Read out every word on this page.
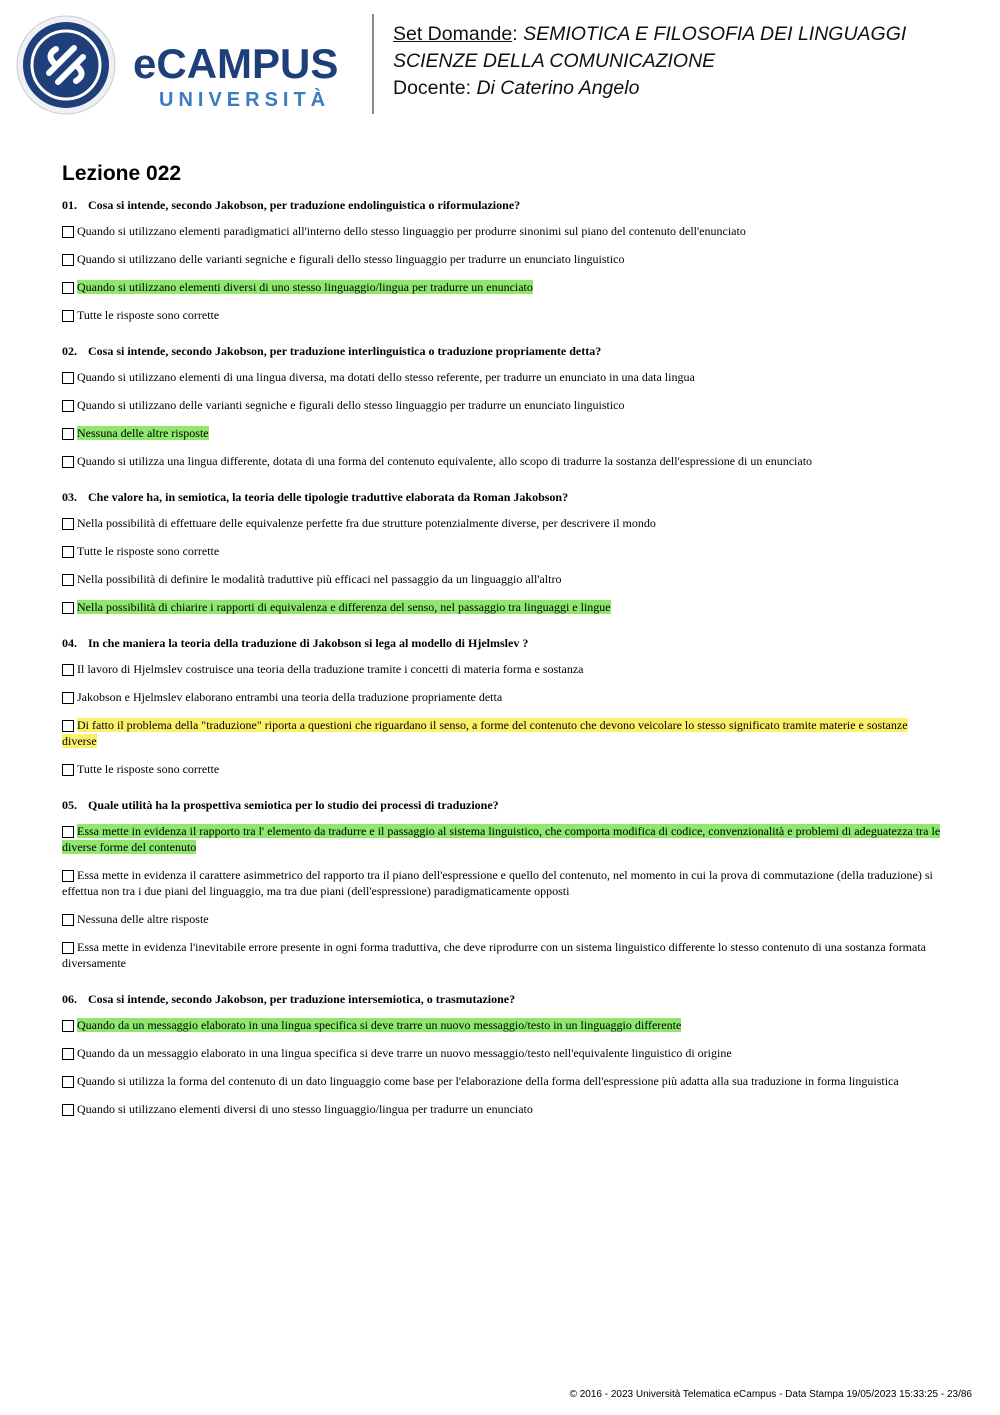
eCAMPUS
UNIVERSITÀ
Set Domande: SEMIOTICA E FILOSOFIA DEI LINGUAGGI
SCIENZE DELLA COMUNICAZIONE
Docente: Di Caterino Angelo
Lezione 022

01. Cosa si intende, secondo Jakobson, per traduzione endolinguistica o riformulazione?

Quando si utilizzano elementi paradigmatici all'interno dello stesso linguaggio per produrre sinonimi sul piano del contenuto dell'enunciato

Quando si utilizzano delle varianti segniche e figurali dello stesso linguaggio per tradurre un enunciato linguistico

Quando si utilizzano elementi diversi di uno stesso linguaggio/lingua per tradurre un enunciato

Tutte le risposte sono corrette

02. Cosa si intende, secondo Jakobson, per traduzione interlinguistica o traduzione propriamente detta?

Quando si utilizzano elementi di una lingua diversa, ma dotati dello stesso referente, per tradurre un enunciato in una data lingua

Quando si utilizzano delle varianti segniche e figurali dello stesso linguaggio per tradurre un enunciato linguistico

Nessuna delle altre risposte

Quando si utilizza una lingua differente, dotata di una forma del contenuto equivalente, allo scopo di tradurre la sostanza dell'espressione di un enunciato

03. Che valore ha, in semiotica, la teoria delle tipologie traduttive elaborata da Roman Jakobson?

Nella possibilità di effettuare delle equivalenze perfette fra due strutture potenzialmente diverse, per descrivere il mondo

Tutte le risposte sono corrette

Nella possibilità di definire le modalità traduttive più efficaci nel passaggio da un linguaggio all'altro

Nella possibilità di chiarire i rapporti di equivalenza e differenza del senso, nel passaggio tra linguaggi e lingue

04. In che maniera la teoria della traduzione di Jakobson si lega al modello di Hjelmslev ?

Il lavoro di Hjelmslev costruisce una teoria della traduzione tramite i concetti di materia forma e sostanza

Jakobson e Hjelmslev elaborano entrambi una teoria della traduzione propriamente detta

Di fatto il problema della "traduzione" riporta a questioni che riguardano il senso, a forme del contenuto che devono veicolare lo stesso significato tramite materie e sostanze diverse

Tutte le risposte sono corrette

05. Quale utilità ha la prospettiva semiotica per lo studio dei processi di traduzione?

Essa mette in evidenza il rapporto tra l' elemento da tradurre e il passaggio al sistema linguistico, che comporta modifica di codice, convenzionalità e problemi di adeguatezza tra le diverse forme del contenuto

Essa mette in evidenza il carattere asimmetrico del rapporto tra il piano dell'espressione e quello del contenuto, nel momento in cui la prova di commutazione (della traduzione) si effettua non tra i due piani del linguaggio, ma tra due piani (dell'espressione) paradigmaticamente opposti

Nessuna delle altre risposte

Essa mette in evidenza l'inevitabile errore presente in ogni forma traduttiva, che deve riprodurre con un sistema linguistico differente lo stesso contenuto di una sostanza formata diversamente

06. Cosa si intende, secondo Jakobson, per traduzione intersemiotica, o trasmutazione?

Quando da un messaggio elaborato in una lingua specifica si deve trarre un nuovo messaggio/testo in un linguaggio differente

Quando da un messaggio elaborato in una lingua specifica si deve trarre un nuovo messaggio/testo nell'equivalente linguistico di origine

Quando si utilizza la forma del contenuto di un dato linguaggio come base per l'elaborazione della forma dell'espressione più adatta alla sua traduzione in forma linguistica

Quando si utilizzano elementi diversi di uno stesso linguaggio/lingua per tradurre un enunciato

© 2016 - 2023 Università Telematica eCampus - Data Stampa 19/05/2023 15:33:25 - 23/86
